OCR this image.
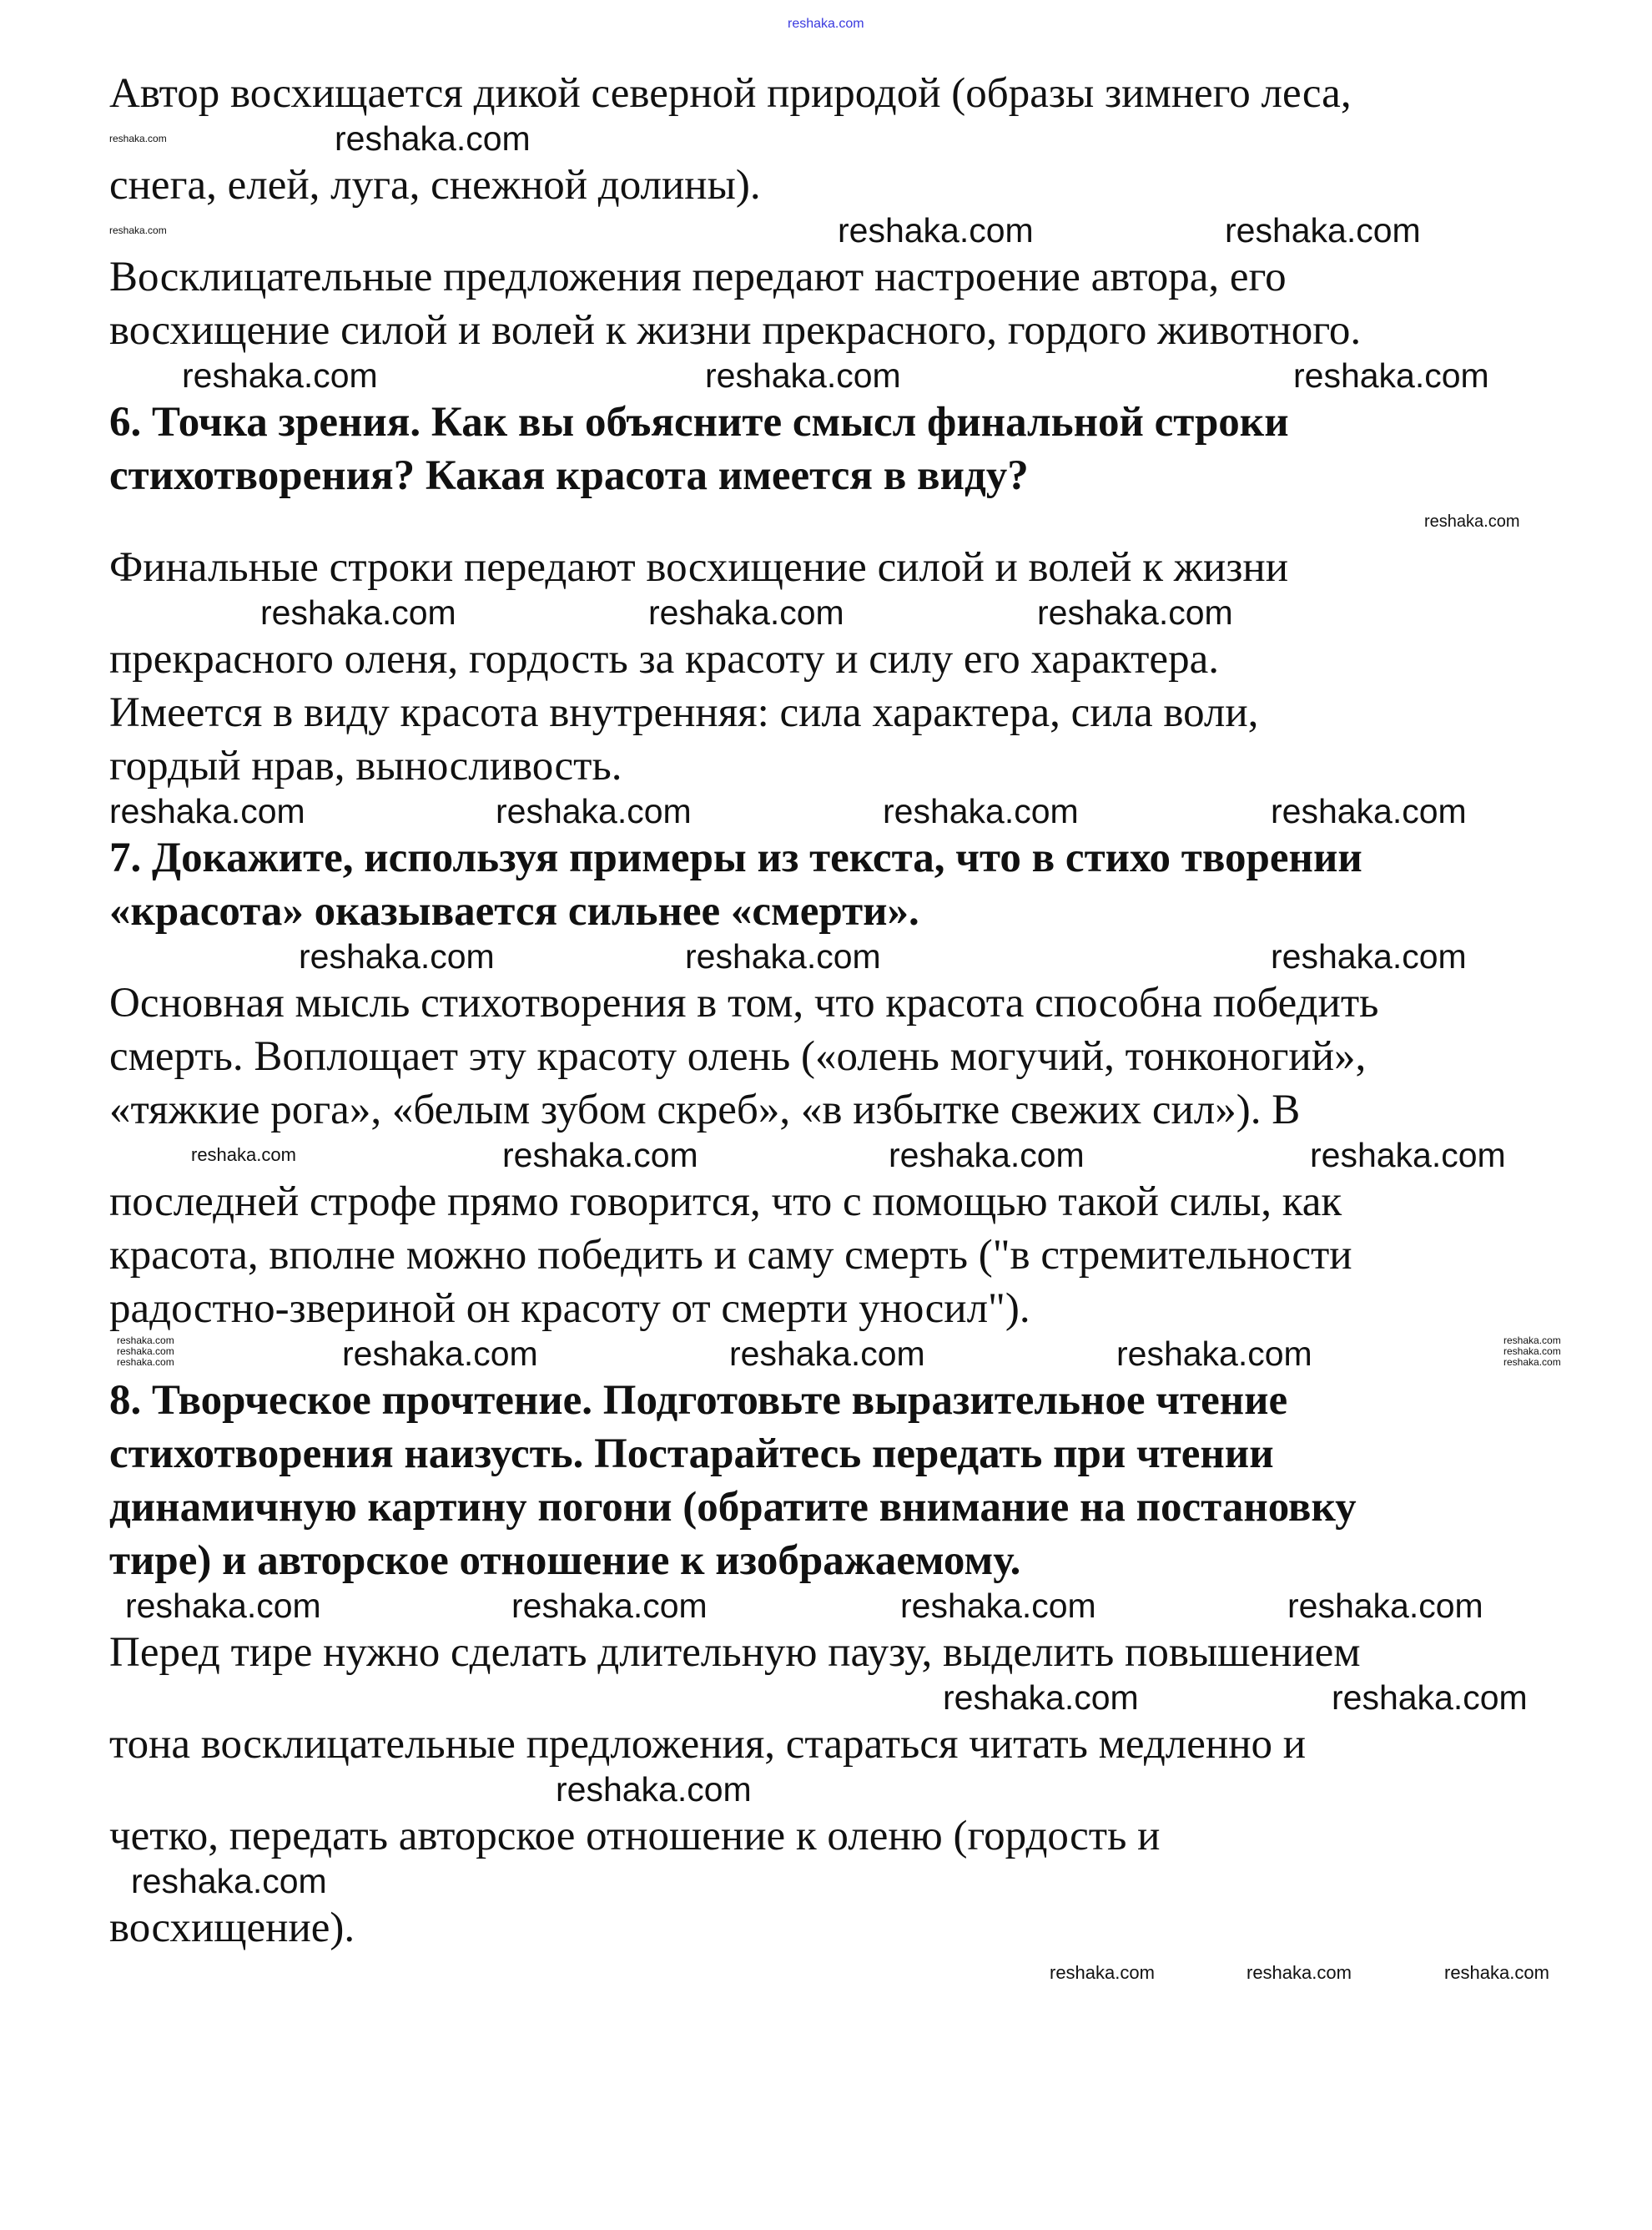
reshaka.com
Автор восхищается дикой северной природой (образы зимнего леса,
reshaka.com	reshaka.com
снега, елей, луга, снежной долины).
reshaka.com	reshaka.com	reshaka.com
Восклицательные предложения передают настроение автора, его
восхищение силой и волей к жизни прекрасного, гордого животного.
reshaka.com	reshaka.com	reshaka.com
6. Точка зрения. Как вы объясните смысл финальной строки
стихотворения? Какая красота имеется в виду?
reshaka.com
Финальные строки передают восхищение силой и волей к жизни
reshaka.com	reshaka.com	reshaka.com
прекрасного оленя, гордость за красоту и силу его характера.
Имеется в виду красота внутренняя: сила характера, сила воли,
гордый нрав, выносливость.
reshaka.com	reshaka.com	reshaka.com	reshaka.com
7. Докажите, используя примеры из текста, что в стихо творении
«красота» оказывается сильнее «смерти».
reshaka.com	reshaka.com	reshaka.com
Основная мысль стихотворения в том, что красота способна победить
смерть. Воплощает эту красоту олень («олень могучий, тонконогий»,
«тяжкие рога», «белым зубом скреб», «в избытке свежих сил»). В
reshaka.com	reshaka.com	reshaka.com	reshaka.com
последней строфе прямо говорится, что с помощью такой силы, как
красота, вполне можно победить и саму смерть ("в стремительности
радостно-звериной он красоту от смерти уносил").
reshaka.com
reshaka.com
reshaka.com	reshaka.com	reshaka.com	reshaka.com	reshaka.com
reshaka.com
reshaka.com
8. Творческое прочтение. Подготовьте выразительное чтение
стихотворения наизусть. Постарайтесь передать при чтении
динамичную картину погони (обратите внимание на постановку
тире) и авторское отношение к изображаемому.
reshaka.com	reshaka.com	reshaka.com	reshaka.com
Перед тире нужно сделать длительную паузу, выделить повышением
reshaka.com	reshaka.com
тона восклицательные предложения, стараться читать медленно и
reshaka.com
четко, передать авторское отношение к оленю (гордость и
reshaka.com
восхищение).
reshaka.com	reshaka.com	reshaka.com
